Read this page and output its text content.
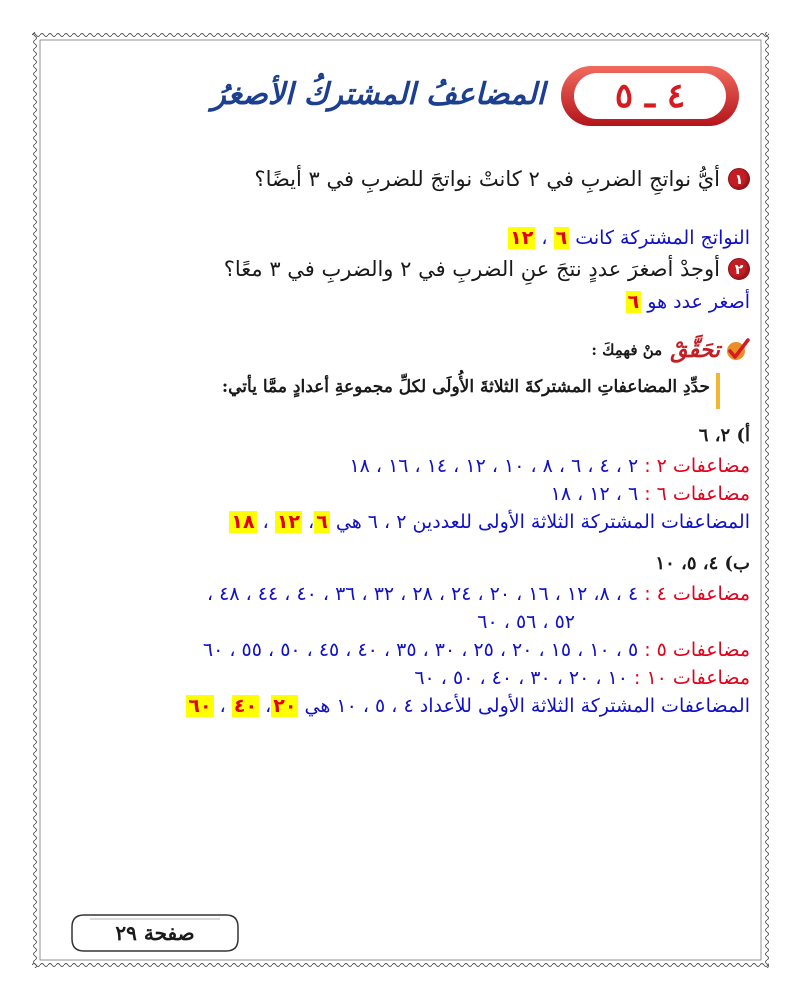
٤ ـ ٥
المضاعفُ المشتركُ الأصغرُ
١
أيُّ نواتجِ الضربِ في ٢ كانتْ نواتجَ للضربِ في ٣ أيضًا؟
النواتج المشتركة كانت

٦

،

١٢
٢
أوجدْ أصغرَ عددٍ نتجَ عنِ الضربِ في ٢ والضربِ في ٣ معًا؟
أصغر عدد هو

٦
تحَقَّقْ
منْ فهمِكَ :
حدِّدِ المضاعفاتِ المشتركةَ الثلاثةَ الأُولَى لكلِّ مجموعةِ أعدادٍ ممَّا يأتي:
أ) ٢، ٦
مضاعفات ٢ :

٢ ، ٤ ، ٦ ، ٨ ، ١٠ ، ١٢ ، ١٤ ، ١٦ ، ١٨
مضاعفات ٦ :

٦ ، ١٢ ، ١٨
المضاعفات المشتركة الثلاثة الأولى للعددين ٢ ، ٦ هي

٦
،

١٢

،

١٨
ب) ٤، ٥، ١٠
مضاعفات ٤ :

٤ ، ٨، ١٢ ، ١٦ ، ٢٠ ، ٢٤ ، ٢٨ ، ٣٢ ، ٣٦ ، ٤٠ ، ٤٤ ، ٤٨ ،
٥٢ ، ٥٦ ، ٦٠
مضاعفات ٥ :

٥ ، ١٠ ، ١٥ ، ٢٠ ، ٢٥ ، ٣٠ ، ٣٥ ، ٤٠ ، ٤٥ ، ٥٠ ، ٥٥ ، ٦٠
مضاعفات ١٠ :

١٠ ، ٢٠ ، ٣٠ ، ٤٠ ، ٥٠ ، ٦٠
المضاعفات المشتركة الثلاثة الأولى للأعداد ٤ ، ٥ ، ١٠ هي

٢٠
،

٤٠

،

٦٠
صفحة ٢٩
